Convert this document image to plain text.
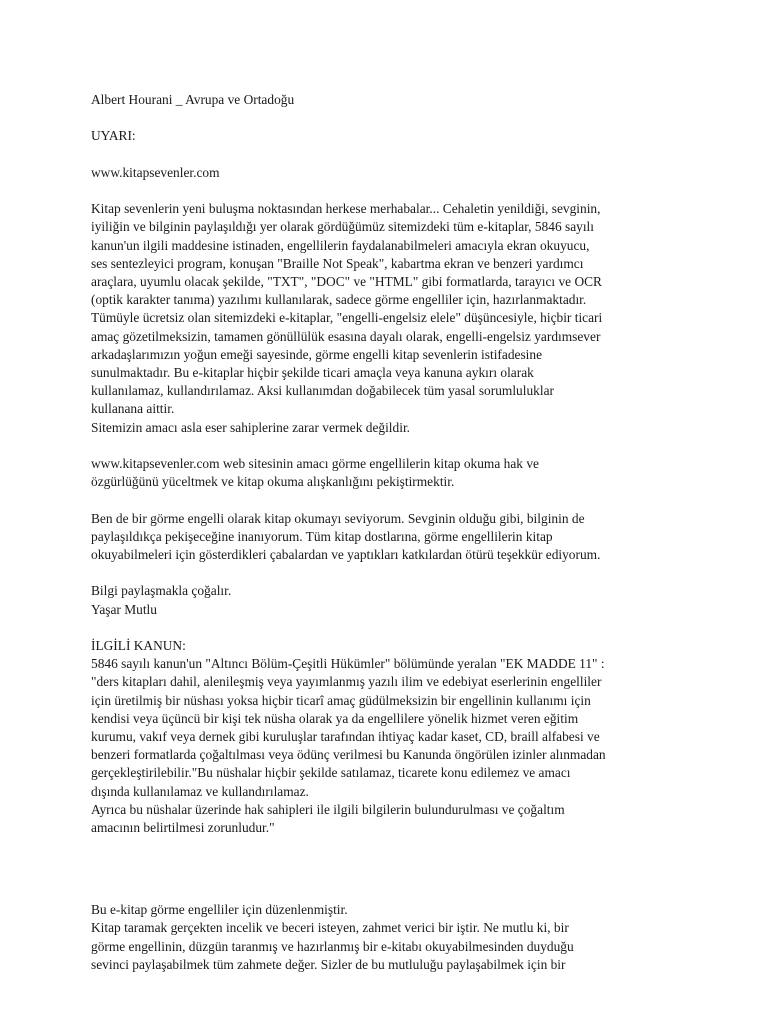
Albert Hourani _ Avrupa ve Ortadoğu

UYARI:

www.kitapsevenler.com

Kitap sevenlerin yeni buluşma noktasından herkese merhabalar... Cehaletin yenildiği, sevginin,
iyiliğin ve bilginin paylaşıldığı yer olarak gördüğümüz sitemizdeki tüm e-kitaplar, 5846 sayılı
kanun'un ilgili maddesine istinaden, engellilerin faydalanabilmeleri amacıyla ekran okuyucu,
ses sentezleyici program, konuşan "Braille Not Speak", kabartma ekran ve benzeri yardımcı
araçlara, uyumlu olacak şekilde, "TXT", "DOC" ve "HTML" gibi formatlarda, tarayıcı ve OCR
(optik karakter tanıma) yazılımı kullanılarak, sadece görme engelliler için, hazırlanmaktadır.
Tümüyle ücretsiz olan sitemizdeki e-kitaplar, "engelli-engelsiz elele" düşüncesiyle, hiçbir ticari
amaç gözetilmeksizin, tamamen gönüllülük esasına dayalı olarak, engelli-engelsiz yardımsever
arkadaşlarımızın yoğun emeği sayesinde, görme engelli kitap sevenlerin istifadesine
sunulmaktadır. Bu e-kitaplar hiçbir şekilde ticari amaçla veya kanuna aykırı olarak
kullanılamaz, kullandırılamaz. Aksi kullanımdan doğabilecek tüm yasal sorumluluklar
kullanana aittir.

Sitemizin amacı asla eser sahiplerine zarar vermek değildir.

www.kitapsevenler.com web sitesinin amacı görme engellilerin kitap okuma hak ve
özgürlüğünü yüceltmek ve kitap okuma alışkanlığını pekiştirmektir.

Ben de bir görme engelli olarak kitap okumayı seviyorum. Sevginin olduğu gibi, bilginin de
paylaşıldıkça pekişeceğine inanıyorum. Tüm kitap dostlarına, görme engellilerin kitap
okuyabilmeleri için gösterdikleri çabalardan ve yaptıkları katkılardan ötürü teşekkür ediyorum.

Bilgi paylaşmakla çoğalır.

Yaşar Mutlu

İLGİLİ KANUN:

5846 sayılı kanun'un "Altıncı Bölüm-Çeşitli Hükümler" bölümünde yeralan "EK MADDE 11" :
"ders kitapları dahil, alenileşmiş veya yayımlanmış yazılı ilim ve edebiyat eserlerinin engelliler
için üretilmiş bir nüshası yoksa hiçbir ticarî amaç güdülmeksizin bir engellinin kullanımı için
kendisi veya üçüncü bir kişi tek nüsha olarak ya da engellilere yönelik hizmet veren eğitim
kurumu, vakıf veya dernek gibi kuruluşlar tarafından ihtiyaç kadar kaset, CD, braill alfabesi ve
benzeri formatlarda çoğaltılması veya ödünç verilmesi bu Kanunda öngörülen izinler alınmadan
gerçekleştirilebilir."Bu nüshalar hiçbir şekilde satılamaz, ticarete konu edilemez ve amacı
dışında kullanılamaz ve kullandırılamaz.
Ayrıca bu nüshalar üzerinde hak sahipleri ile ilgili bilgilerin bulundurulması ve çoğaltım
amacının belirtilmesi zorunludur."

Bu e-kitap görme engelliler için düzenlenmiştir.

Kitap taramak gerçekten incelik ve beceri isteyen, zahmet verici bir iştir. Ne mutlu ki, bir
görme engellinin, düzgün taranmış ve hazırlanmış bir e-kitabı okuyabilmesinden duyduğu
sevinci paylaşabilmek tüm zahmete değer. Sizler de bu mutluluğu paylaşabilmek için bir
